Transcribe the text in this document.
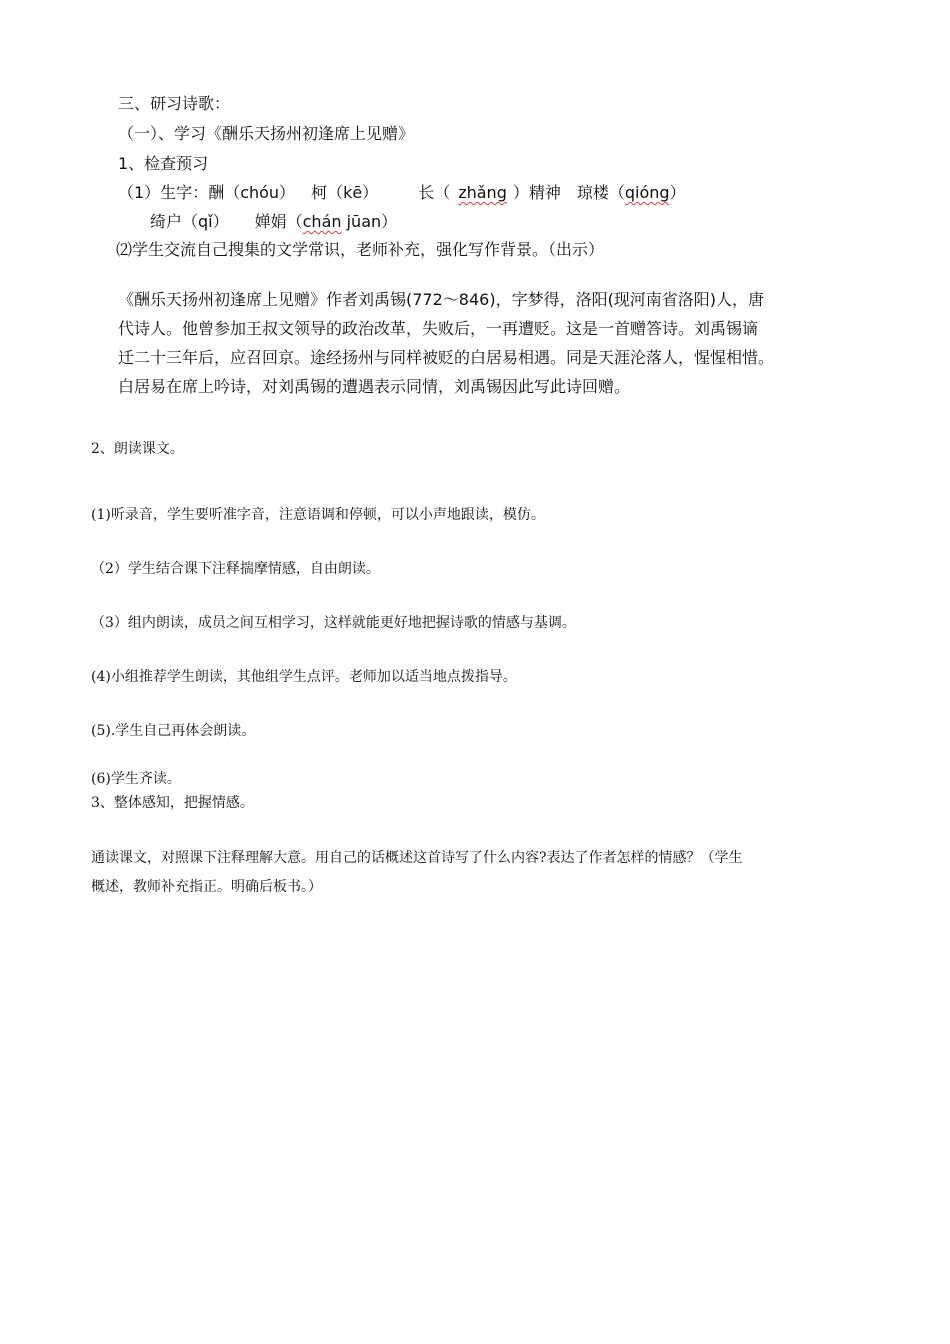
三、研习诗歌：
（一）、学习《酬乐天扬州初逢席上见赠》
1、检查预习
（1）生字：酬（chóu） 柯（kē）	长（ zhǎng ）精神 琼楼（qióng）
绮户（qǐ） 婵娟（chán jūan）
⑵学生交流自己搜集的文学常识，老师补充，强化写作背景。（出示）
《酬乐天扬州初逢席上见赠》作者刘禹锡(772～846)，字梦得，洛阳(现河南省洛阳)人，唐
代诗人。他曾参加王叔文领导的政治改革，失败后，一再遭贬。这是一首赠答诗。刘禹锡谪
迁二十三年后，应召回京。途经扬州与同样被贬的白居易相遇。同是天涯沦落人，惺惺相惜。
白居易在席上吟诗，对刘禹锡的遭遇表示同情，刘禹锡因此写此诗回赠。
2、朗读课文。
(1)听录音，学生要听准字音，注意语调和停顿，可以小声地跟读，模仿。
（2）学生结合课下注释揣摩情感，自由朗读。
（3）组内朗读，成员之间互相学习，这样就能更好地把握诗歌的情感与基调。
(4)小组推荐学生朗读，其他组学生点评。老师加以适当地点拨指导。
(5).学生自己再体会朗读。
(6)学生齐读。
3、整体感知，把握情感。
通读课文，对照课下注释理解大意。用自己的话概述这首诗写了什么内容?表达了作者怎样的情感？（学生
概述，教师补充指正。明确后板书。）
